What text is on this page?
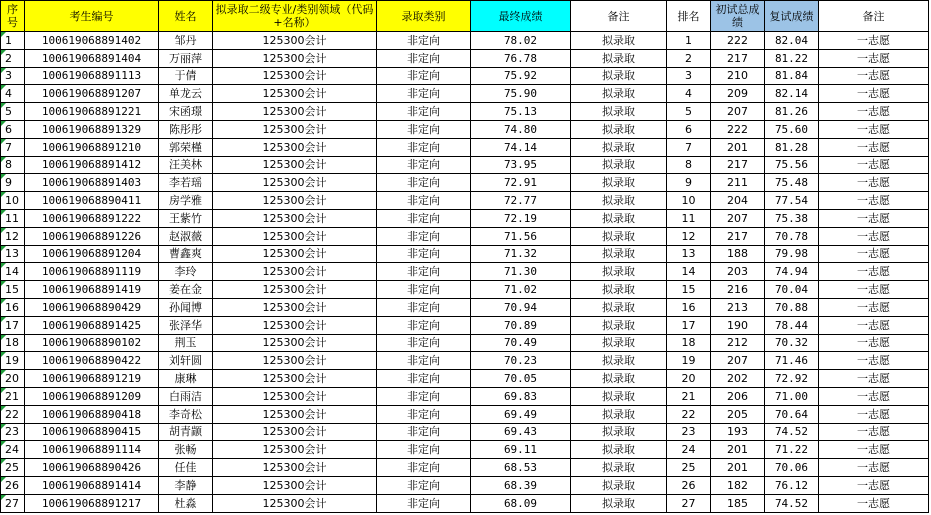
序号	考生编号	姓名	拟录取二级专业/类别领域（代码+名称）	录取类别	最终成绩	备注	排名	初试总成绩	复试成绩	备注

1	100619068891402	邹丹	125300会计	非定向	78.02	拟录取	1	222	82.04	一志愿

2	100619068891404	万丽萍	125300会计	非定向	76.78	拟录取	2	217	81.22	一志愿

3	100619068891113	于倩	125300会计	非定向	75.92	拟录取	3	210	81.84	一志愿

4	100619068891207	单龙云	125300会计	非定向	75.90	拟录取	4	209	82.14	一志愿

5	100619068891221	宋函璟	125300会计	非定向	75.13	拟录取	5	207	81.26	一志愿

6	100619068891329	陈彤彤	125300会计	非定向	74.80	拟录取	6	222	75.60	一志愿

7	100619068891210	郭荣槿	125300会计	非定向	74.14	拟录取	7	201	81.28	一志愿

8	100619068891412	汪美林	125300会计	非定向	73.95	拟录取	8	217	75.56	一志愿

9	100619068891403	李若瑶	125300会计	非定向	72.91	拟录取	9	211	75.48	一志愿

10	100619068890411	房学雅	125300会计	非定向	72.77	拟录取	10	204	77.54	一志愿

11	100619068891222	王紫竹	125300会计	非定向	72.19	拟录取	11	207	75.38	一志愿

12	100619068891226	赵淑薇	125300会计	非定向	71.56	拟录取	12	217	70.78	一志愿

13	100619068891204	曹鑫爽	125300会计	非定向	71.32	拟录取	13	188	79.98	一志愿

14	100619068891119	李玲	125300会计	非定向	71.30	拟录取	14	203	74.94	一志愿

15	100619068891419	姜在金	125300会计	非定向	71.02	拟录取	15	216	70.04	一志愿

16	100619068890429	孙闻博	125300会计	非定向	70.94	拟录取	16	213	70.88	一志愿

17	100619068891425	张泽华	125300会计	非定向	70.89	拟录取	17	190	78.44	一志愿

18	100619068890102	荆玉	125300会计	非定向	70.49	拟录取	18	212	70.32	一志愿

19	100619068890422	刘轩圆	125300会计	非定向	70.23	拟录取	19	207	71.46	一志愿

20	100619068891219	康琳	125300会计	非定向	70.05	拟录取	20	202	72.92	一志愿

21	100619068891209	白雨洁	125300会计	非定向	69.83	拟录取	21	206	71.00	一志愿

22	100619068890418	李奇松	125300会计	非定向	69.49	拟录取	22	205	70.64	一志愿

23	100619068890415	胡青颛	125300会计	非定向	69.43	拟录取	23	193	74.52	一志愿

24	100619068891114	张畅	125300会计	非定向	69.11	拟录取	24	201	71.22	一志愿

25	100619068890426	任佳	125300会计	非定向	68.53	拟录取	25	201	70.06	一志愿

26	100619068891414	李静	125300会计	非定向	68.39	拟录取	26	182	76.12	一志愿

27	100619068891217	杜淼	125300会计	非定向	68.09	拟录取	27	185	74.52	一志愿
